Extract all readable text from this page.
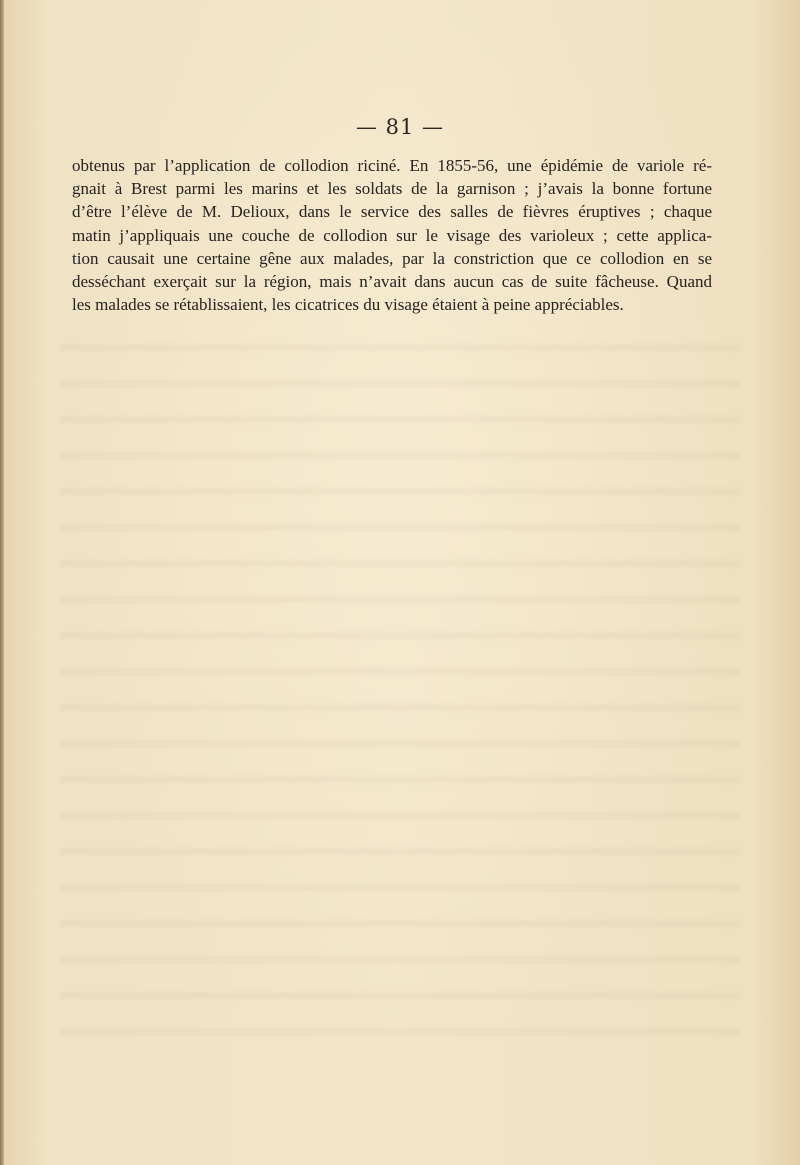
— 81 —
obtenus par l’application de collodion riciné. En 1855-56, une épidémie de variole ré-
gnait à Brest parmi les marins et les soldats de la garnison ; j’avais la bonne fortune
d’être l’élève de M. Delioux, dans le service des salles de fièvres éruptives ; chaque
matin j’appliquais une couche de collodion sur le visage des varioleux ; cette applica-
tion causait une certaine gêne aux malades, par la constriction que ce collodion en se
desséchant exerçait sur la région, mais n’avait dans aucun cas de suite fâcheuse. Quand
les malades se rétablissaient, les cicatrices du visage étaient à peine appréciables.
